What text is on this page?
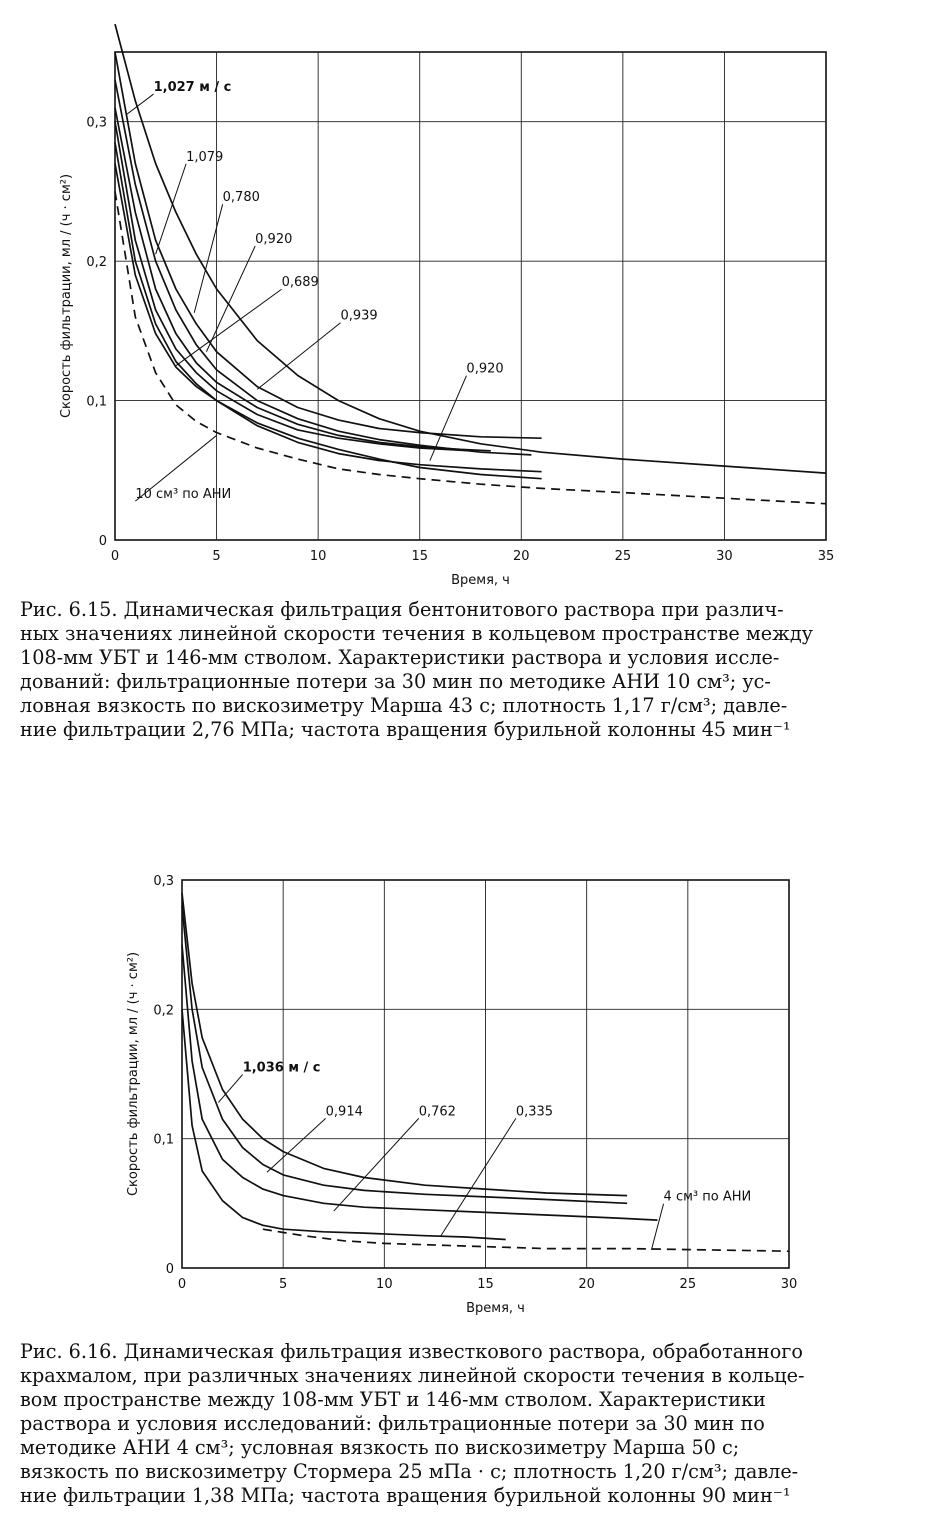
0	5	10	15	20	25	30	35
0
0,1
0,2
0,3
Время, ч
Скорость фильтрации, мл / (ч · см²)
1,027 м / с
1,079
0,780
0,920
0,689
0,939
0,920
10 см³ по АНИ
0	5	10	15	20	25	30
0
0,1
0,2
0,3
Время, ч
Скорость фильтрации, мл / (ч · см²)	1,036 м / с
0,914	0,762	0,335
4 см³ по АНИ
Рис. 6.15. Динамическая фильтрация бентонитового раствора при различ-
ных значениях линейной скорости течения в кольцевом пространстве между
108-мм УБТ и 146-мм стволом. Характеристики раствора и условия иссле-
дований: фильтрационные потери за 30 мин по методике АНИ 10 см³; ус-
ловная вязкость по вискозиметру Марша 43 с; плотность 1,17 г/см³; давле-
ние фильтрации 2,76 МПа; частота вращения бурильной колонны 45 мин⁻¹
Рис. 6.16. Динамическая фильтрация известкового раствора, обработанного
крахмалом, при различных значениях линейной скорости течения в кольце-
вом пространстве между 108-мм УБТ и 146-мм стволом. Характеристики
раствора и условия исследований: фильтрационные потери за 30 мин по
методике АНИ 4 см³; условная вязкость по вискозиметру Марша 50 с;
вязкость по вискозиметру Стормера 25 мПа · с; плотность 1,20 г/см³; давле-
ние фильтрации 1,38 МПа; частота вращения бурильной колонны 90 мин⁻¹
